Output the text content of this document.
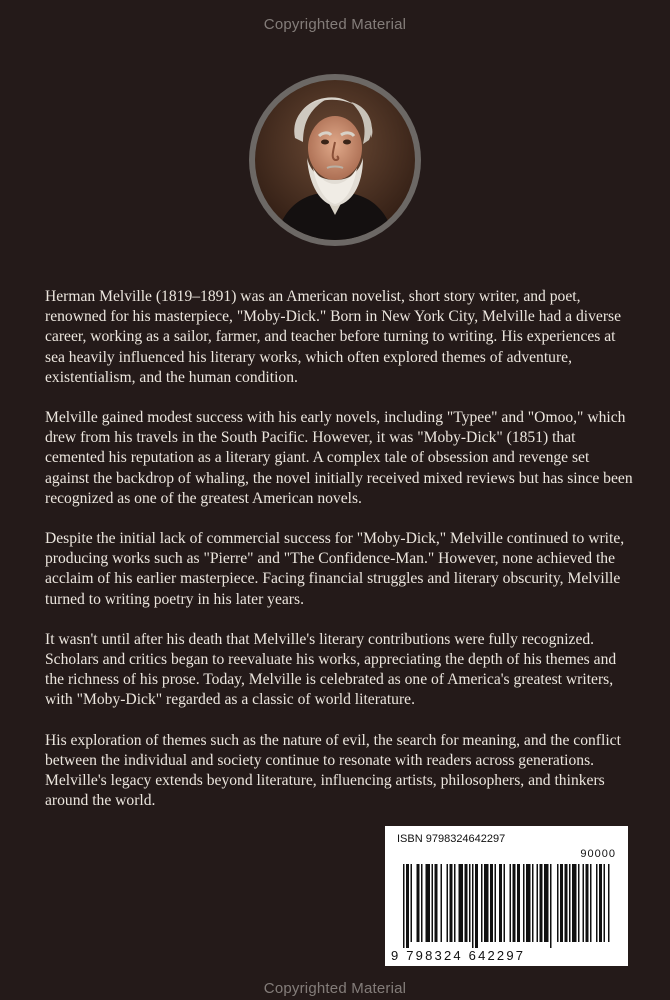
Copyrighted Material

Herman Melville (1819–1891) was an American novelist, short story writer, and poet, renowned for his masterpiece, "Moby-Dick." Born in New York City, Melville had a diverse career, working as a sailor, farmer, and teacher before turning to writing. His experiences at sea heavily influenced his literary works, which often explored themes of adventure, existentialism, and the human condition.

Melville gained modest success with his early novels, including "Typee" and "Omoo," which drew from his travels in the South Pacific. However, it was "Moby-Dick" (1851) that cemented his reputation as a literary giant. A complex tale of obsession and revenge set against the backdrop of whaling, the novel initially received mixed reviews but has since been recognized as one of the greatest American novels.

Despite the initial lack of commercial success for "Moby-Dick," Melville continued to write, producing works such as "Pierre" and "The Confidence-Man." However, none achieved the acclaim of his earlier masterpiece. Facing financial struggles and literary obscurity, Melville turned to writing poetry in his later years.

It wasn't until after his death that Melville's literary contributions were fully recognized. Scholars and critics began to reevaluate his works, appreciating the depth of his themes and the richness of his prose. Today, Melville is celebrated as one of America's greatest writers, with "Moby-Dick" regarded as a classic of world literature.

His exploration of themes such as the nature of evil, the search for meaning, and the conflict between the individual and society continue to resonate with readers across generations. Melville's legacy extends beyond literature, influencing artists, philosophers, and thinkers around the world.

ISBN 9798324642297
90000
9 798324 642297
Copyrighted Material
